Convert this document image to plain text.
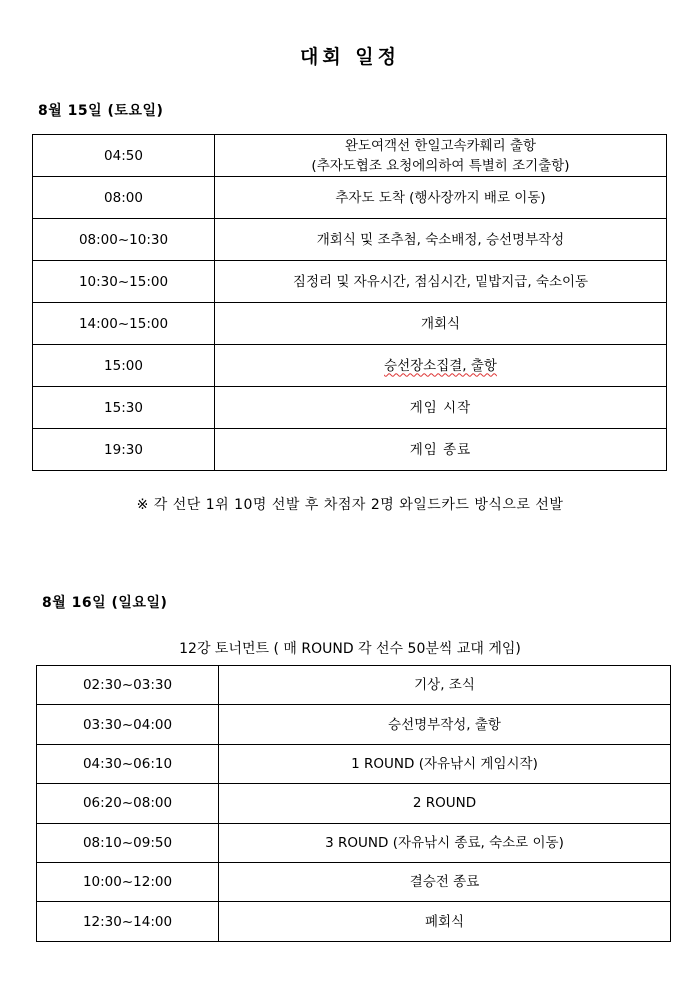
대회 일정
8월 15일 (토요일)
04:50	완도여객선 한일고속카훼리 출항
(추자도협조 요청에의하여 특별히 조기출항)

08:00	추자도 도착 (행사장까지 배로 이동)
08:00~10:30	개회식 및 조추첨, 숙소배정, 승선명부작성
10:30~15:00	짐정리 및 자유시간, 점심시간, 밑밥지급, 숙소이동
14:00~15:00	개회식
15:00	승선장소집결, 출항
15:30	게임 시작
19:30	게임 종료
※ 각 선단 1위 10명 선발 후 차점자 2명 와일드카드 방식으로 선발
8월 16일 (일요일)
12강 토너먼트 ( 매 ROUND 각 선수 50분씩 교대 게임)
02:30~03:30	기상, 조식
03:30~04:00	승선명부작성, 출항
04:30~06:10	1 ROUND (자유낚시 게임시작)
06:20~08:00	2 ROUND
08:10~09:50	3 ROUND (자유낚시 종료, 숙소로 이동)
10:00~12:00	결승전 종료
12:30~14:00	폐회식
